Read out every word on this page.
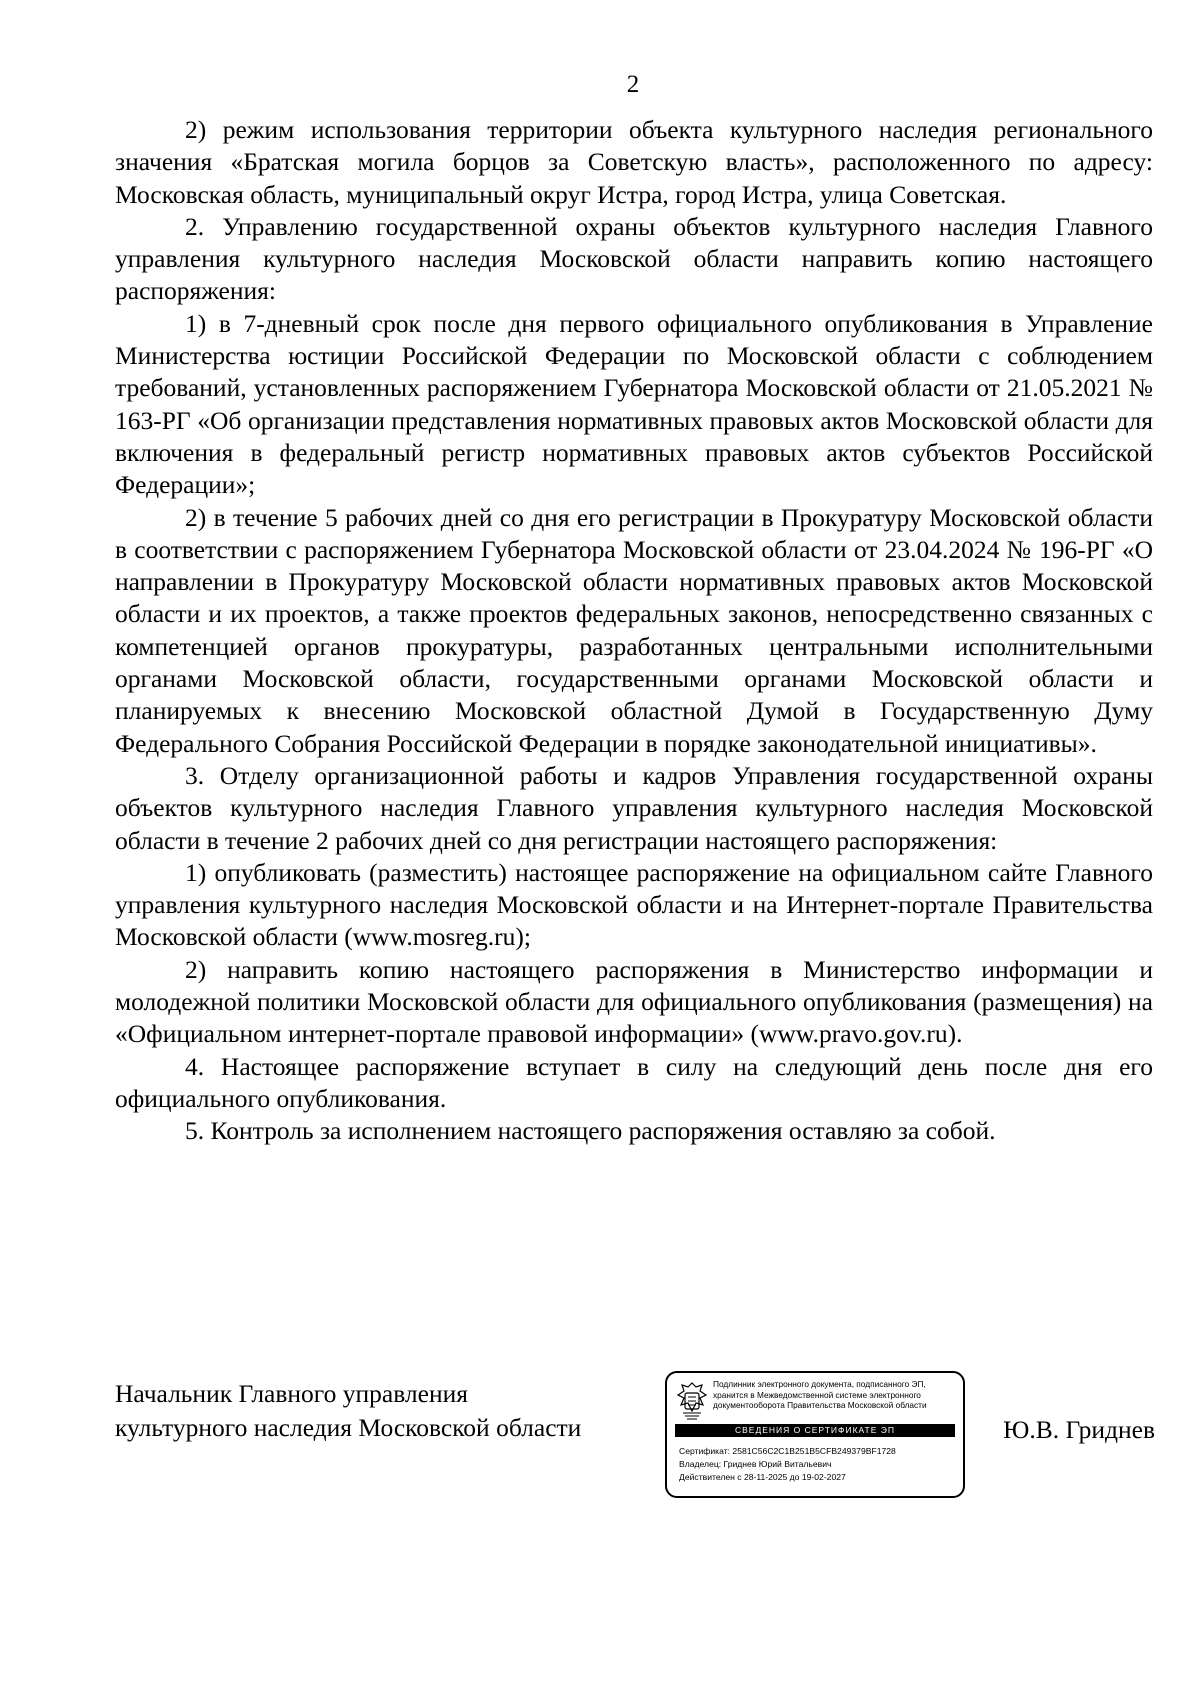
2

2) режим использования территории объекта культурного наследия регионального значения «Братская могила борцов за Советскую власть», расположенного по адресу: Московская область, муниципальный округ Истра, город Истра, улица Советская.

2. Управлению государственной охраны объектов культурного наследия Главного управления культурного наследия Московской области направить копию настоящего распоряжения:

1) в 7-дневный срок после дня первого официального опубликования в Управление Министерства юстиции Российской Федерации по Московской области с соблюдением требований, установленных распоряжением Губернатора Московской области от 21.05.2021 № 163-РГ «Об организации представления нормативных правовых актов Московской области для включения в федеральный регистр нормативных правовых актов субъектов Российской Федерации»;

2) в течение 5 рабочих дней со дня его регистрации в Прокуратуру Московской области в соответствии с распоряжением Губернатора Московской области от 23.04.2024 № 196-РГ «О направлении в Прокуратуру Московской области нормативных правовых актов Московской области и их проектов, а также проектов федеральных законов, непосредственно связанных с компетенцией органов прокуратуры, разработанных центральными исполнительными органами Московской области, государственными органами Московской области и планируемых к внесению Московской областной Думой в Государственную Думу Федерального Собрания Российской Федерации в порядке законодательной инициативы».

3. Отделу организационной работы и кадров Управления государственной охраны объектов культурного наследия Главного управления культурного наследия Московской области в течение 2 рабочих дней со дня регистрации настоящего распоряжения:

1) опубликовать (разместить) настоящее распоряжение на официальном сайте Главного управления культурного наследия Московской области и на Интернет-портале Правительства Московской области (www.mosreg.ru);

2) направить копию настоящего распоряжения в Министерство информации и молодежной политики Московской области для официального опубликования (размещения) на «Официальном интернет-портале правовой информации» (www.pravo.gov.ru).

4. Настоящее распоряжение вступает в силу на следующий день после дня его официального опубликования.

5. Контроль за исполнением настоящего распоряжения оставляю за собой.

Начальник Главного управления
культурного наследия Московской области
Подлинник электронного документа, подписанного ЭП, хранится в Межведомственной системе электронного документооборота Правительства Московской области
СВЕДЕНИЯ О СЕРТИФИКАТЕ ЭП
Сертификат: 2581C56C2C1B251B5CFB249379BF1728
Владелец: Гриднев Юрий Витальевич
Действителен с 28-11-2025 до 19-02-2027
Ю.В. Гриднев
